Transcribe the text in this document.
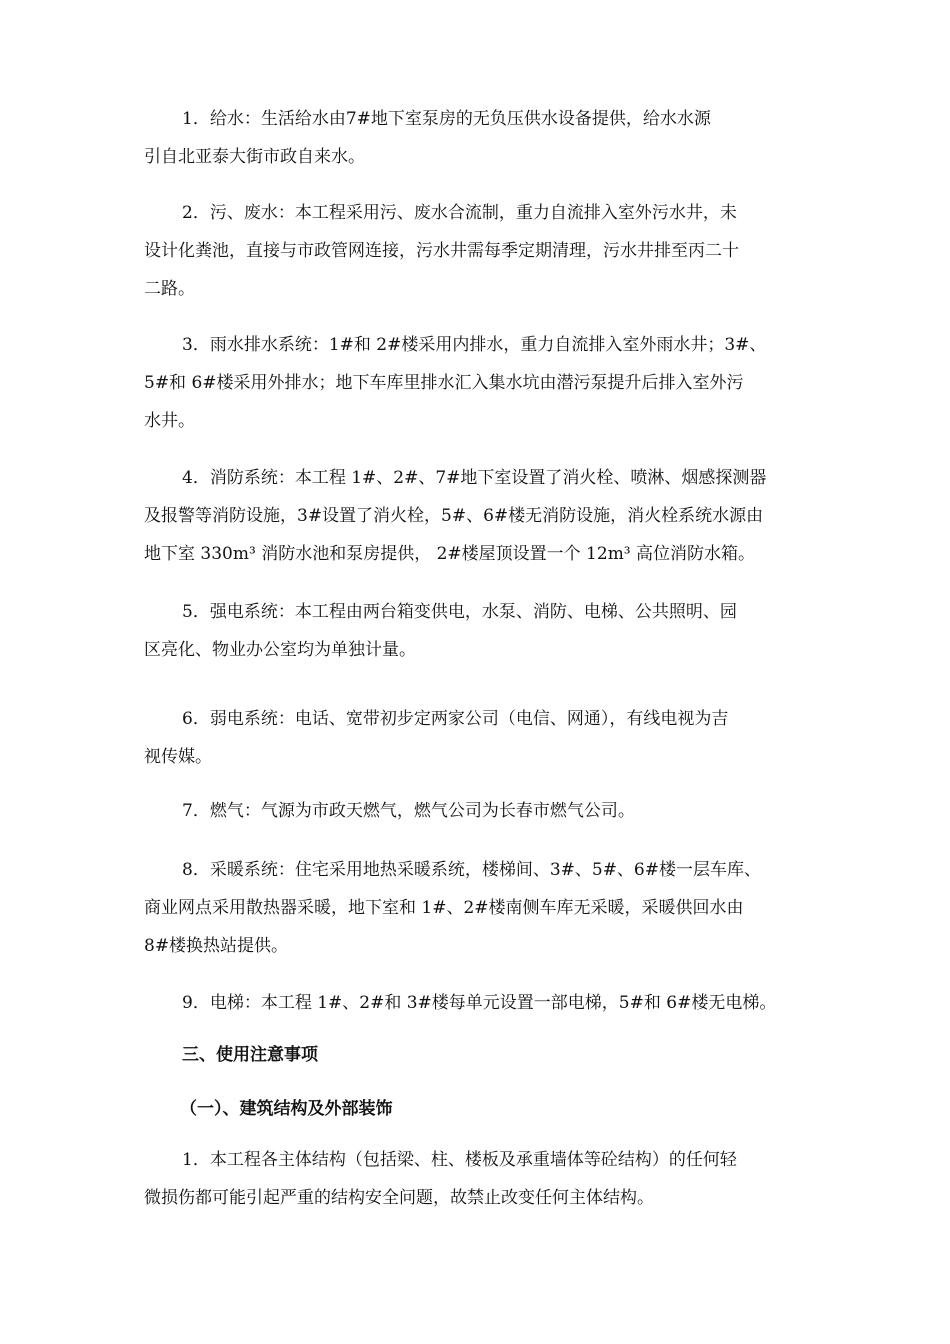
1．给水：生活给水由7#地下室泵房的无负压供水设备提供，给水水源
引自北亚泰大街市政自来水。
2．污、废水：本工程采用污、废水合流制，重力自流排入室外污水井，未
设计化粪池，直接与市政管网连接，污水井需每季定期清理，污水井排至丙二十
二路。
3．雨水排水系统：1#和 2#楼采用内排水，重力自流排入室外雨水井；3#、
5#和 6#楼采用外排水；地下车库里排水汇入集水坑由潜污泵提升后排入室外污
水井。
4．消防系统：本工程 1#、2#、7#地下室设置了消火栓、喷淋、烟感探测器
及报警等消防设施，3#设置了消火栓，5#、6#楼无消防设施，消火栓系统水源由
地下室 330m³ 消防水池和泵房提供， 2#楼屋顶设置一个 12m³ 高位消防水箱。
5．强电系统：本工程由两台箱变供电，水泵、消防、电梯、公共照明、园
区亮化、物业办公室均为单独计量。
6．弱电系统：电话、宽带初步定两家公司（电信、网通），有线电视为吉
视传媒。
7．燃气：气源为市政天燃气，燃气公司为长春市燃气公司。
8．采暖系统：住宅采用地热采暖系统，楼梯间、3#、5#、6#楼一层车库、
商业网点采用散热器采暖，地下室和 1#、2#楼南侧车库无采暖，采暖供回水由
8#楼换热站提供。
9．电梯：本工程 1#、2#和 3#楼每单元设置一部电梯，5#和 6#楼无电梯。
三、使用注意事项
（一）、建筑结构及外部装饰
1．本工程各主体结构（包括梁、柱、楼板及承重墙体等砼结构）的任何轻
微损伤都可能引起严重的结构安全问题，故禁止改变任何主体结构。
